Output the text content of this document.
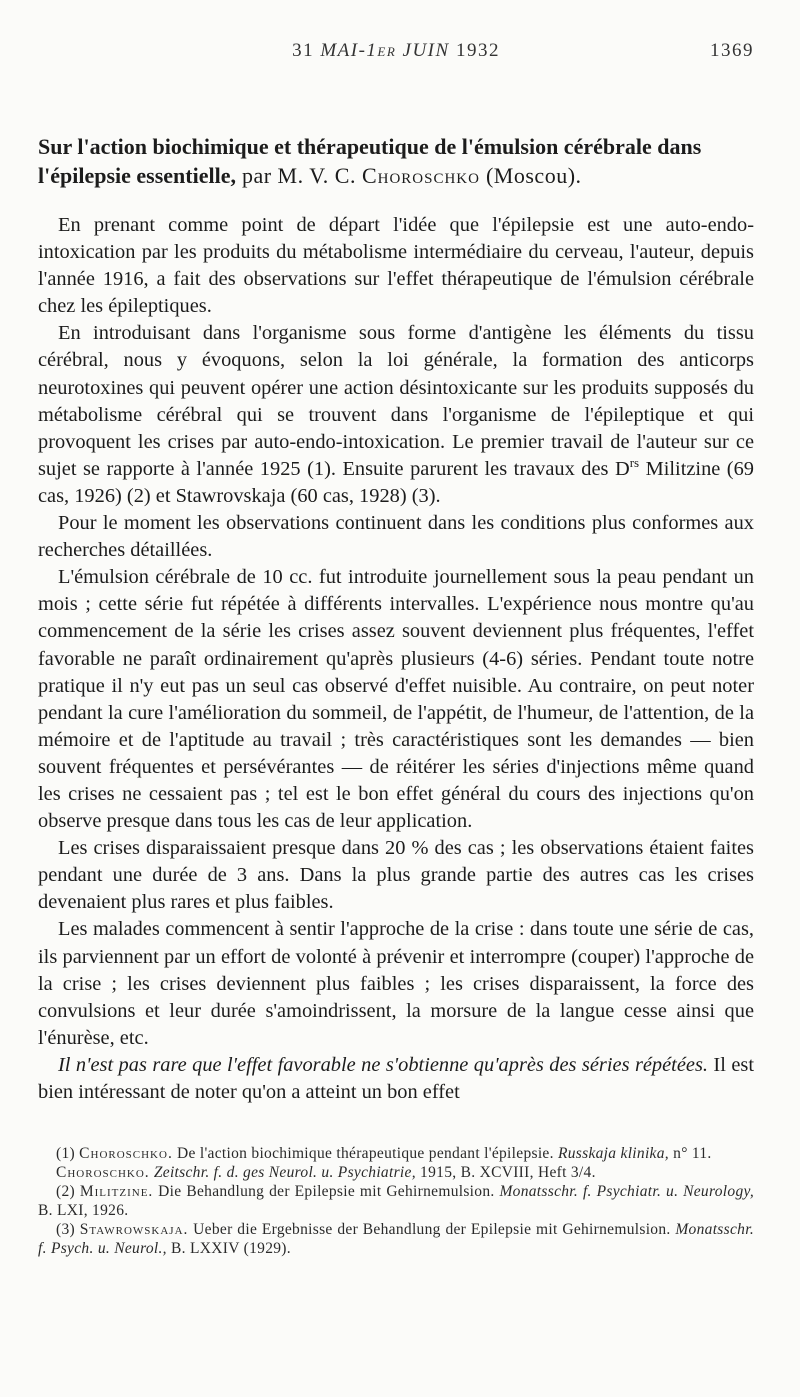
31 MAI-1er JUIN 1932	1369
Sur l'action biochimique et thérapeutique de l'émulsion cérébrale dans l'épilepsie essentielle, par M. V. C. Choroschko (Moscou).

En prenant comme point de départ l'idée que l'épilepsie est une auto-endo-intoxication par les produits du métabolisme intermédiaire du cerveau, l'auteur, depuis l'année 1916, a fait des observations sur l'effet thérapeutique de l'émulsion cérébrale chez les épileptiques.

En introduisant dans l'organisme sous forme d'antigène les éléments du tissu cérébral, nous y évoquons, selon la loi générale, la formation des anticorps neurotoxines qui peuvent opérer une action désintoxicante sur les produits supposés du métabolisme cérébral qui se trouvent dans l'organisme de l'épileptique et qui provoquent les crises par auto-endo-intoxication. Le premier travail de l'auteur sur ce sujet se rapporte à l'année 1925 (1). Ensuite parurent les travaux des $D^{rs}$ Militzine (69 cas, 1926) (2) et Stawrovskaja (60 cas, 1928) (3).

Pour le moment les observations continuent dans les conditions plus conformes aux recherches détaillées.

L'émulsion cérébrale de 10 cc. fut introduite journellement sous la peau pendant un mois ; cette série fut répétée à différents intervalles. L'expérience nous montre qu'au commencement de la série les crises assez souvent deviennent plus fréquentes, l'effet favorable ne paraît ordinairement qu'après plusieurs (4-6) séries. Pendant toute notre pratique il n'y eut pas un seul cas observé d'effet nuisible. Au contraire, on peut noter pendant la cure l'amélioration du sommeil, de l'appétit, de l'humeur, de l'attention, de la mémoire et de l'aptitude au travail ; très caractéristiques sont les demandes — bien souvent fréquentes et persévérantes — de réitérer les séries d'injections même quand les crises ne cessaient pas ; tel est le bon effet général du cours des injections qu'on observe presque dans tous les cas de leur application.

Les crises disparaissaient presque dans 20 % des cas ; les observations étaient faites pendant une durée de 3 ans. Dans la plus grande partie des autres cas les crises devenaient plus rares et plus faibles.

Les malades commencent à sentir l'approche de la crise : dans toute une série de cas, ils parviennent par un effort de volonté à prévenir et interrompre (couper) l'approche de la crise ; les crises deviennent plus faibles ; les crises disparaissent, la force des convulsions et leur durée s'amoindrissent, la morsure de la langue cesse ainsi que l'énurèse, etc.

Il n'est pas rare que l'effet favorable ne s'obtienne qu'après des séries répétées. Il est bien intéressant de noter qu'on a atteint un bon effet

(1) Choroschko. De l'action biochimique thérapeutique pendant l'épilepsie. Russkaja klinika, n° 11.

Choroschko. Zeitschr. f. d. ges Neurol. u. Psychiatrie, 1915, B. XCVIII, Heft 3/4.

(2) Militzine. Die Behandlung der Epilepsie mit Gehirnemulsion. Monatsschr. f. Psychiatr. u. Neurology, B. LXI, 1926.

(3) Stawrowskaja. Ueber die Ergebnisse der Behandlung der Epilepsie mit Gehirnemulsion. Monatsschr. f. Psych. u. Neurol., B. LXXIV (1929).
